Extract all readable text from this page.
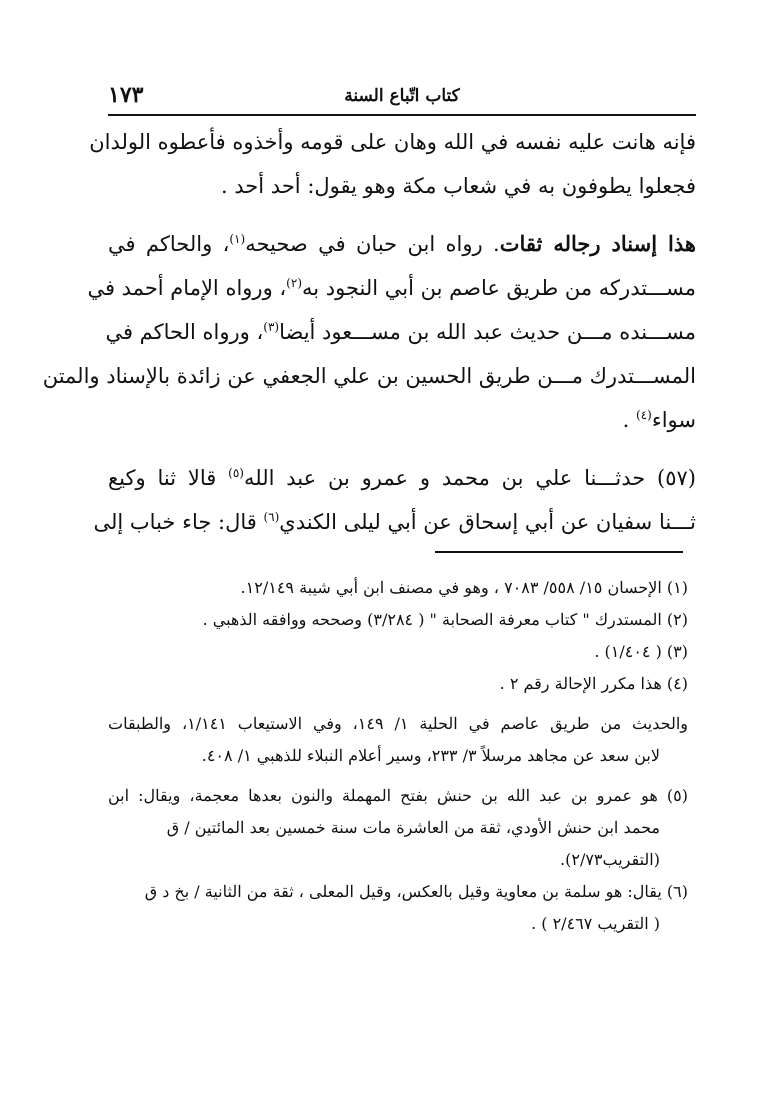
كتاب اتّباع السنة
١٧٣
فإنه هانت عليه نفسه في الله وهان على قومه وأخذوه فأعطوه الولدان
فجعلوا يطوفون به في شعاب مكة وهو يقول: أحد أحد .
هذا إسناد رجاله ثقات. رواه ابن حبان في صحيحه$^{(١)}$، والحاكم في
مســـتدركه من طريق عاصم بن أبي النجود به$^{(٢)}$، ورواه الإمام أحمد في
مســـنده مـــن حديث عبد الله بن مســـعود أيضا$^{(٣)}$، ورواه الحاكم في
المســـتدرك مـــن طريق الحسين بن علي الجعفي عن زائدة بالإسناد والمتن
سواء$^{(٤)}$ .
(٥٧) حدثـــنا علي بن محمد و عمرو بن عبد الله$^{(٥)}$ قالا ثنا وكيع
ثـــنا سفيان عن أبي إسحاق عن أبي ليلى الكندي$^{(٦)}$ قال: جاء خباب إلى
(١) الإحسان ١٥/ ٥٥٨/ ٧٠٨٣ ، وهو في مصنف ابن أبي شيبة ١٢/١٤٩.
(٢) المستدرك " كتاب معرفة الصحابة " ( ٣/٢٨٤) وصححه ووافقه الذهبي .
(٣) ( ١/٤٠٤) .
(٤) هذا مكرر الإحالة رقم ٢ .
والحديث من طريق عاصم في الحلية ١/ ١٤٩، وفي الاستيعاب ١/١٤١، والطبقات
لابن سعد عن مجاهد مرسلاً ٣/ ٢٣٣، وسير أعلام النبلاء للذهبي ١/ ٤٠٨.
(٥) هو عمرو بن عبد الله بن حنش بفتح المهملة والنون بعدها معجمة، ويقال: ابن
محمد ابن حنش الأودي، ثقة من العاشرة مات سنة خمسين بعد المائتين / ق
(التقريب٢/٧٣).
(٦) يقال: هو سلمة بن معاوية وقيل بالعكس، وقيل المعلى ، ثقة من الثانية / بخ د ق
( التقريب ٢/٤٦٧ ) .
